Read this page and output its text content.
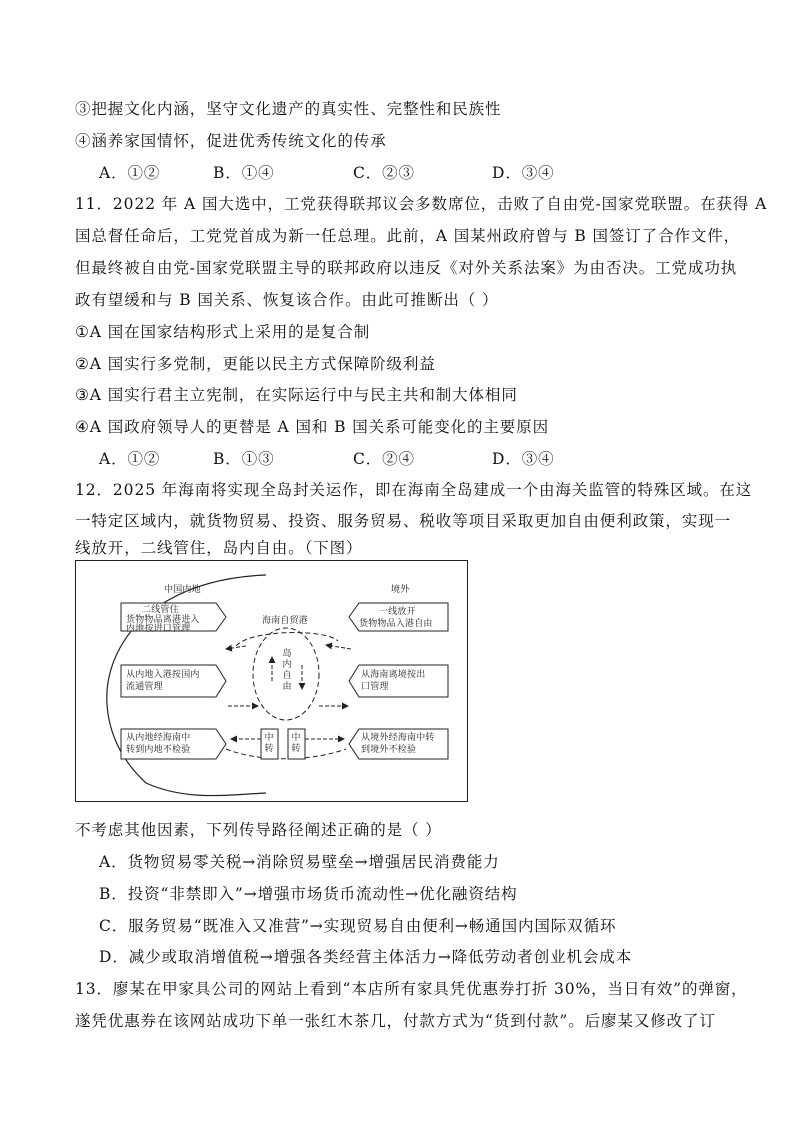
③把握文化内涵，坚守文化遗产的真实性、完整性和民族性
④涵养家国情怀，促进优秀传统文化的传承
A．①②	B．①④	C．②③	D．③④
11．2022 年 A 国大选中，工党获得联邦议会多数席位，击败了自由党-国家党联盟。在获得 A
国总督任命后，工党党首成为新一任总理。此前，A 国某州政府曾与 B 国签订了合作文件，
但最终被自由党-国家党联盟主导的联邦政府以违反《对外关系法案》为由否决。工党成功执
政有望缓和与 B 国关系、恢复该合作。由此可推断出（ ）
①A 国在国家结构形式上采用的是复合制
②A 国实行多党制，更能以民主方式保障阶级利益
③A 国实行君主立宪制，在实际运行中与民主共和制大体相同
④A 国政府领导人的更替是 A 国和 B 国关系可能变化的主要原因
A．①②	B．①③	C．②④	D．③④
12．2025 年海南将实现全岛封关运作，即在海南全岛建成一个由海关监管的特殊区域。在这
一特定区域内，就货物贸易、投资、服务贸易、税收等项目采取更加自由便利政策，实现一
线放开，二线管住，岛内自由。（下图）
中国内地	境外
海南自贸港
岛内自由
二线管住
货物物品离港进入
内地按进口管理
从内地入港按国内
流通管理
从内地经海南中
转到内地不检验
一线放开
货物物品入港自由
从海南离境按出
口管理
从境外经海南中转
到境外不检验
中转
中转
不考虑其他因素，下列传导路径阐述正确的是（ ）
A．货物贸易零关税→消除贸易壁垒→增强居民消费能力
B．投资“非禁即入”→增强市场货币流动性→优化融资结构
C．服务贸易“既准入又准营”→实现贸易自由便利→畅通国内国际双循环
D．减少或取消增值税→增强各类经营主体活力→降低劳动者创业机会成本
13．廖某在甲家具公司的网站上看到“本店所有家具凭优惠券打折 30%，当日有效”的弹窗，
遂凭优惠券在该网站成功下单一张红木茶几，付款方式为“货到付款”。后廖某又修改了订
